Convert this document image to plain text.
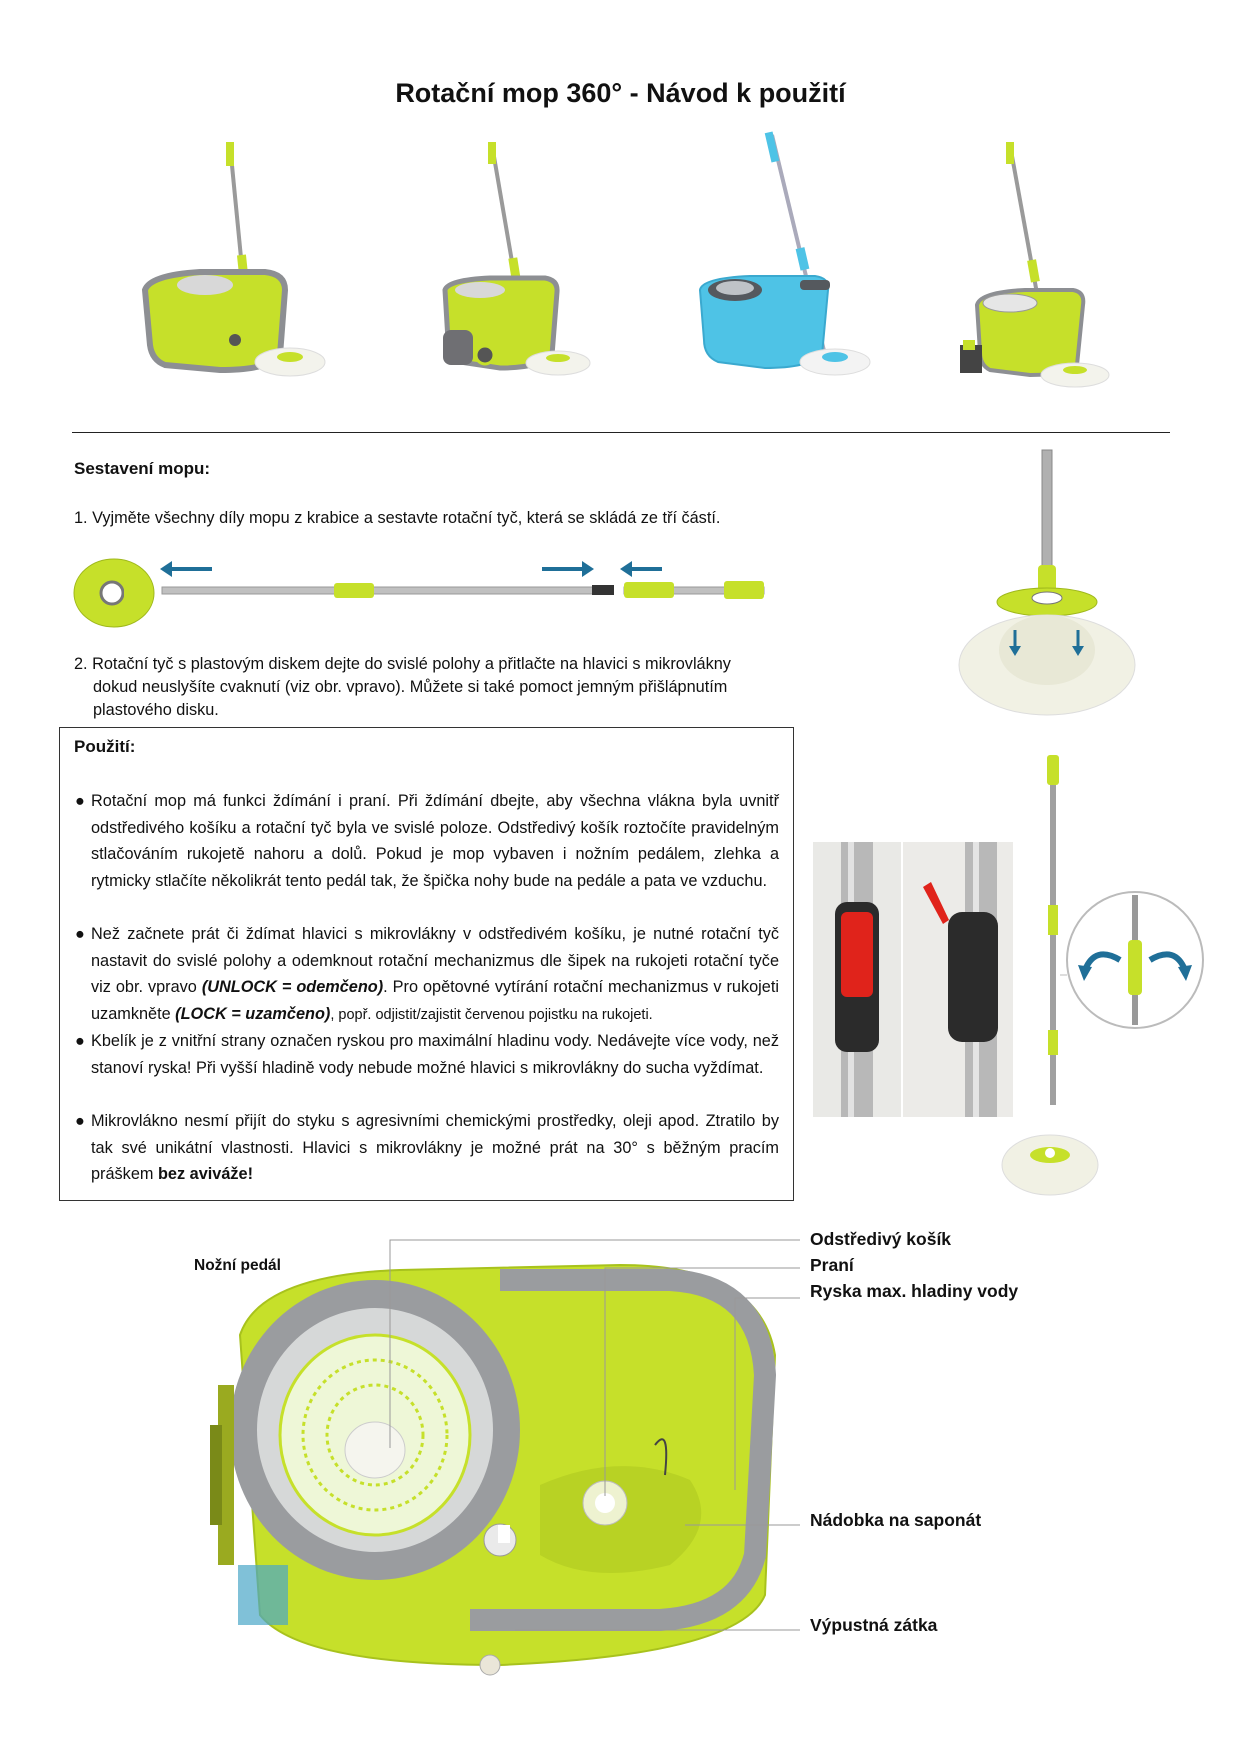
Rotační mop 360° - Návod k použití
Sestavení mopu:
1. Vyjměte všechny díly mopu z krabice a sestavte rotační tyč, která se skládá ze tří částí.
2. Rotační tyč s plastovým diskem dejte do svislé polohy a přitlačte na hlavici s mikrovlákny
dokud neuslyšíte cvaknutí (viz obr. vpravo). Můžete si také pomoct jemným přišlápnutím
plastového disku.
Použití:
● Rotační mop má funkci ždímání i praní. Při ždímání dbejte, aby všechna vlákna byla uvnitř odstředivého košíku a rotační tyč byla ve svislé poloze. Odstředivý košík roztočíte pravidelným stlačováním rukojetě nahoru a dolů. Pokud je mop vybaven i nožním pedálem, zlehka a rytmicky stlačíte několikrát tento pedál tak, že špička nohy bude na pedále a pata ve vzduchu.
● Než začnete prát či ždímat hlavici s mikrovlákny v odstředivém košíku, je nutné rotační tyč nastavit do svislé polohy a odemknout rotační mechanizmus dle šipek na rukojeti rotační tyče viz obr. vpravo (UNLOCK = odemčeno). Pro opětovné vytírání rotační mechanizmus v rukojeti uzamkněte (LOCK = uzamčeno), popř. odjistit/zajistit červenou pojistku na rukojeti.
● Kbelík je z vnitřní strany označen ryskou pro maximální hladinu vody. Nedávejte více vody, než stanoví ryska! Při vyšší hladině vody nebude možné hlavici s mikrovlákny do sucha vyždímat.
● Mikrovlákno nesmí přijít do styku s agresivními chemickými prostředky, oleji apod. Ztratilo by tak své unikátní vlastnosti. Hlavici s mikrovlákny je možné prát na 30° s běžným pracím práškem bez aviváže!
Nožní pedál
Odstředivý košík
Praní
Ryska max. hladiny vody
Nádobka na saponát
Výpustná zátka
